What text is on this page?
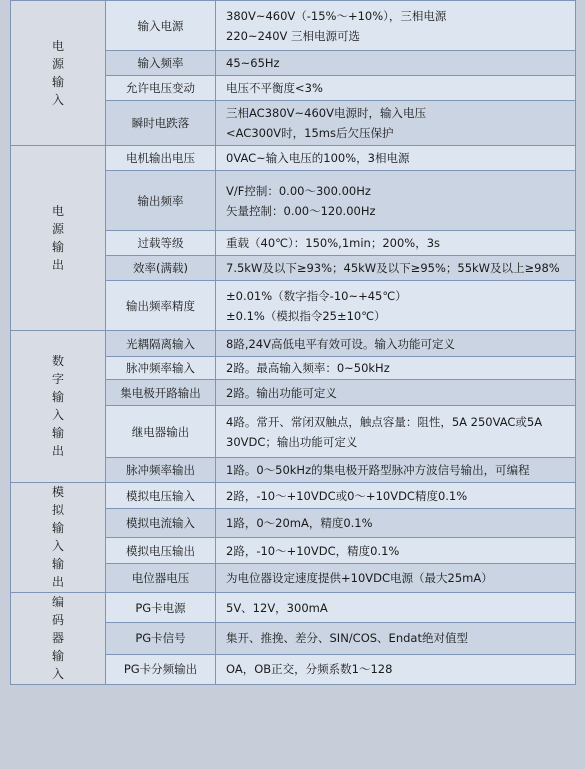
电源输入	输入电源	380V~460V（-15%～+10%），三相电源
220~240V 三相电源可选

	输入频率	45~65Hz

	允许电压变动	电压不平衡度<3%

	瞬时电跌落	三相AC380V~460V电源时，输入电压
<AC300V时，15ms后欠压保护

电源输出	电机输出电压	0VAC~输入电压的100%，3相电源

	输出频率	V/F控制：0.00～300.00Hz
矢量控制：0.00～120.00Hz

	过载等级	重载（40℃）：150%,1min；200%，3s

	效率(满载)	7.5kW及以下≥93%；45kW及以下≥95%；55kW及以上≥98%

	输出频率精度	±0.01%（数字指令-10~+45℃）
±0.1%（模拟指令25±10℃）

数字输入输出	光耦隔离输入	8路,24V高低电平有效可设。输入功能可定义

	脉冲频率输入	2路。最高输入频率：0~50kHz

	集电极开路输出	2路。输出功能可定义

	继电器输出	4路。常开、常闭双触点，触点容量：阻性，5A 250VAC或5A
30VDC；输出功能可定义

	脉冲频率输出	1路。0～50kHz的集电极开路型脉冲方波信号输出，可编程

模拟输入输出	模拟电压输入	2路，-10～+10VDC或0～+10VDC精度0.1%

	模拟电流输入	1路，0～20mA，精度0.1%

	模拟电压输出	2路，-10～+10VDC，精度0.1%

	电位器电压	为电位器设定速度提供+10VDC电源（最大25mA）

编码器输入	PG卡电源	5V、12V，300mA

	PG卡信号	集开、推挽、差分、SIN/COS、Endat绝对值型

	PG卡分频输出	OA，OB正交，分频系数1～128
